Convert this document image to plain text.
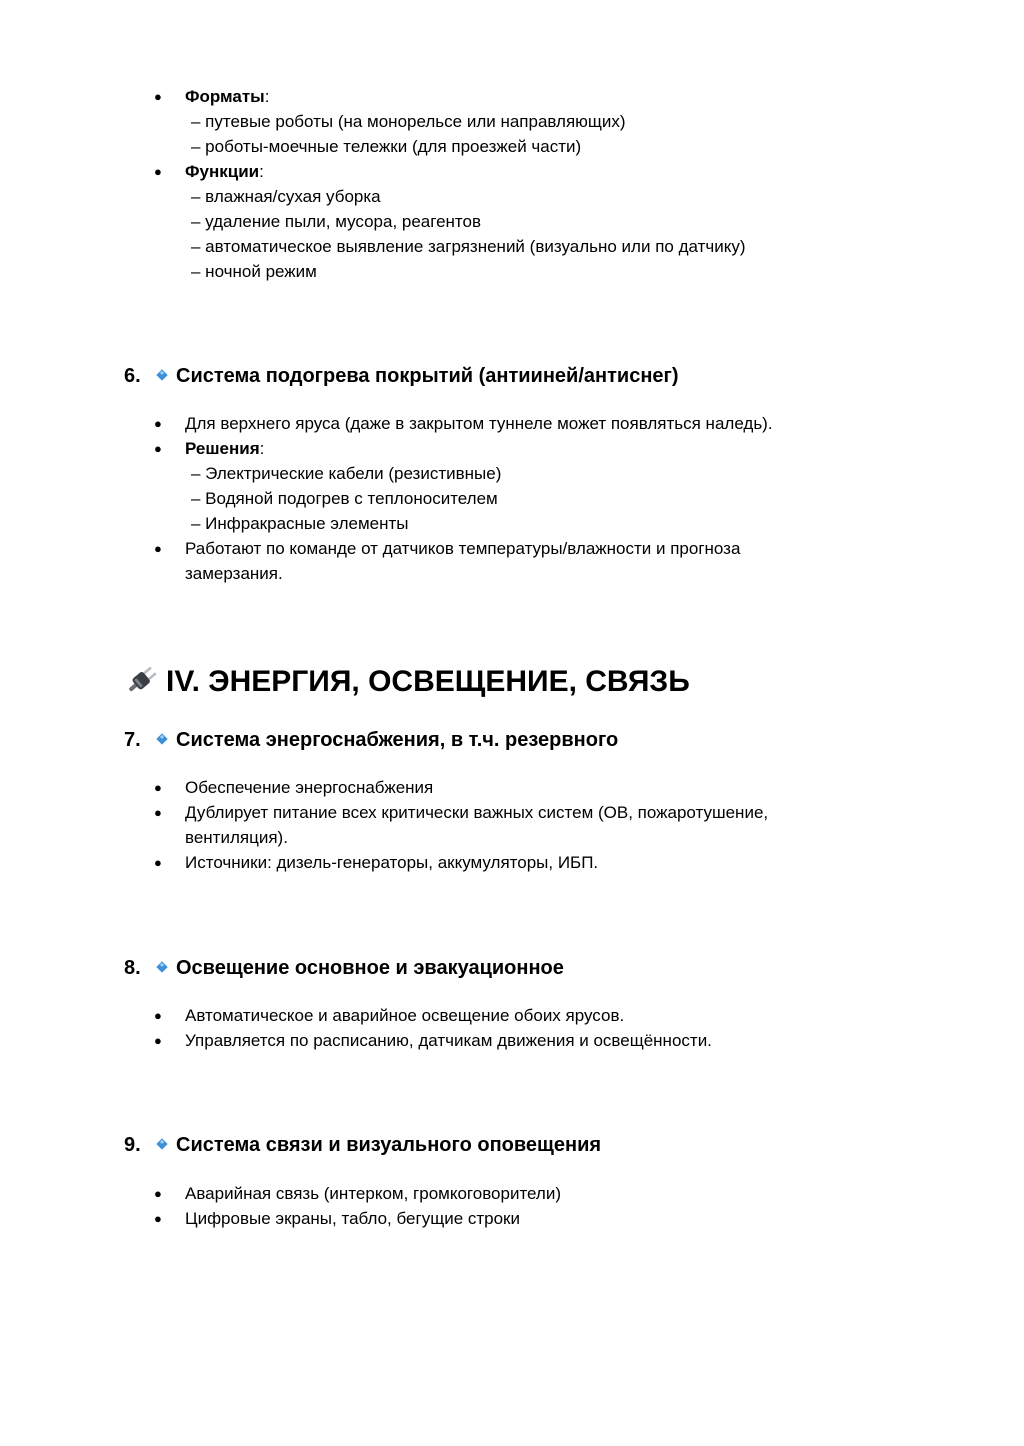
● Форматы:
– путевые роботы (на монорельсе или направляющих)
– роботы-моечные тележки (для проезжей части)
● Функции:
– влажная/сухая уборка
– удаление пыли, мусора, реагентов
– автоматическое выявление загрязнений (визуально или по датчику)
– ночной режим
6. Система подогрева покрытий (антииней/антиснег)
● Для верхнего яруса (даже в закрытом туннеле может появляться наледь).
● Решения:
– Электрические кабели (резистивные)
– Водяной подогрев с теплоносителем
– Инфракрасные элементы
● Работают по команде от датчиков температуры/влажности и прогноза
замерзания.
IV. ЭНЕРГИЯ, ОСВЕЩЕНИЕ, СВЯЗЬ
7. Система энергоснабжения, в т.ч. резервного
● Обеспечение энергоснабжения
● Дублирует питание всех критически важных систем (ОВ, пожаротушение,
вентиляция).
● Источники: дизель-генераторы, аккумуляторы, ИБП.
8. Освещение основное и эвакуационное
● Автоматическое и аварийное освещение обоих ярусов.
● Управляется по расписанию, датчикам движения и освещённости.
9. Система связи и визуального оповещения
● Аварийная связь (интерком, громкоговорители)
● Цифровые экраны, табло, бегущие строки
